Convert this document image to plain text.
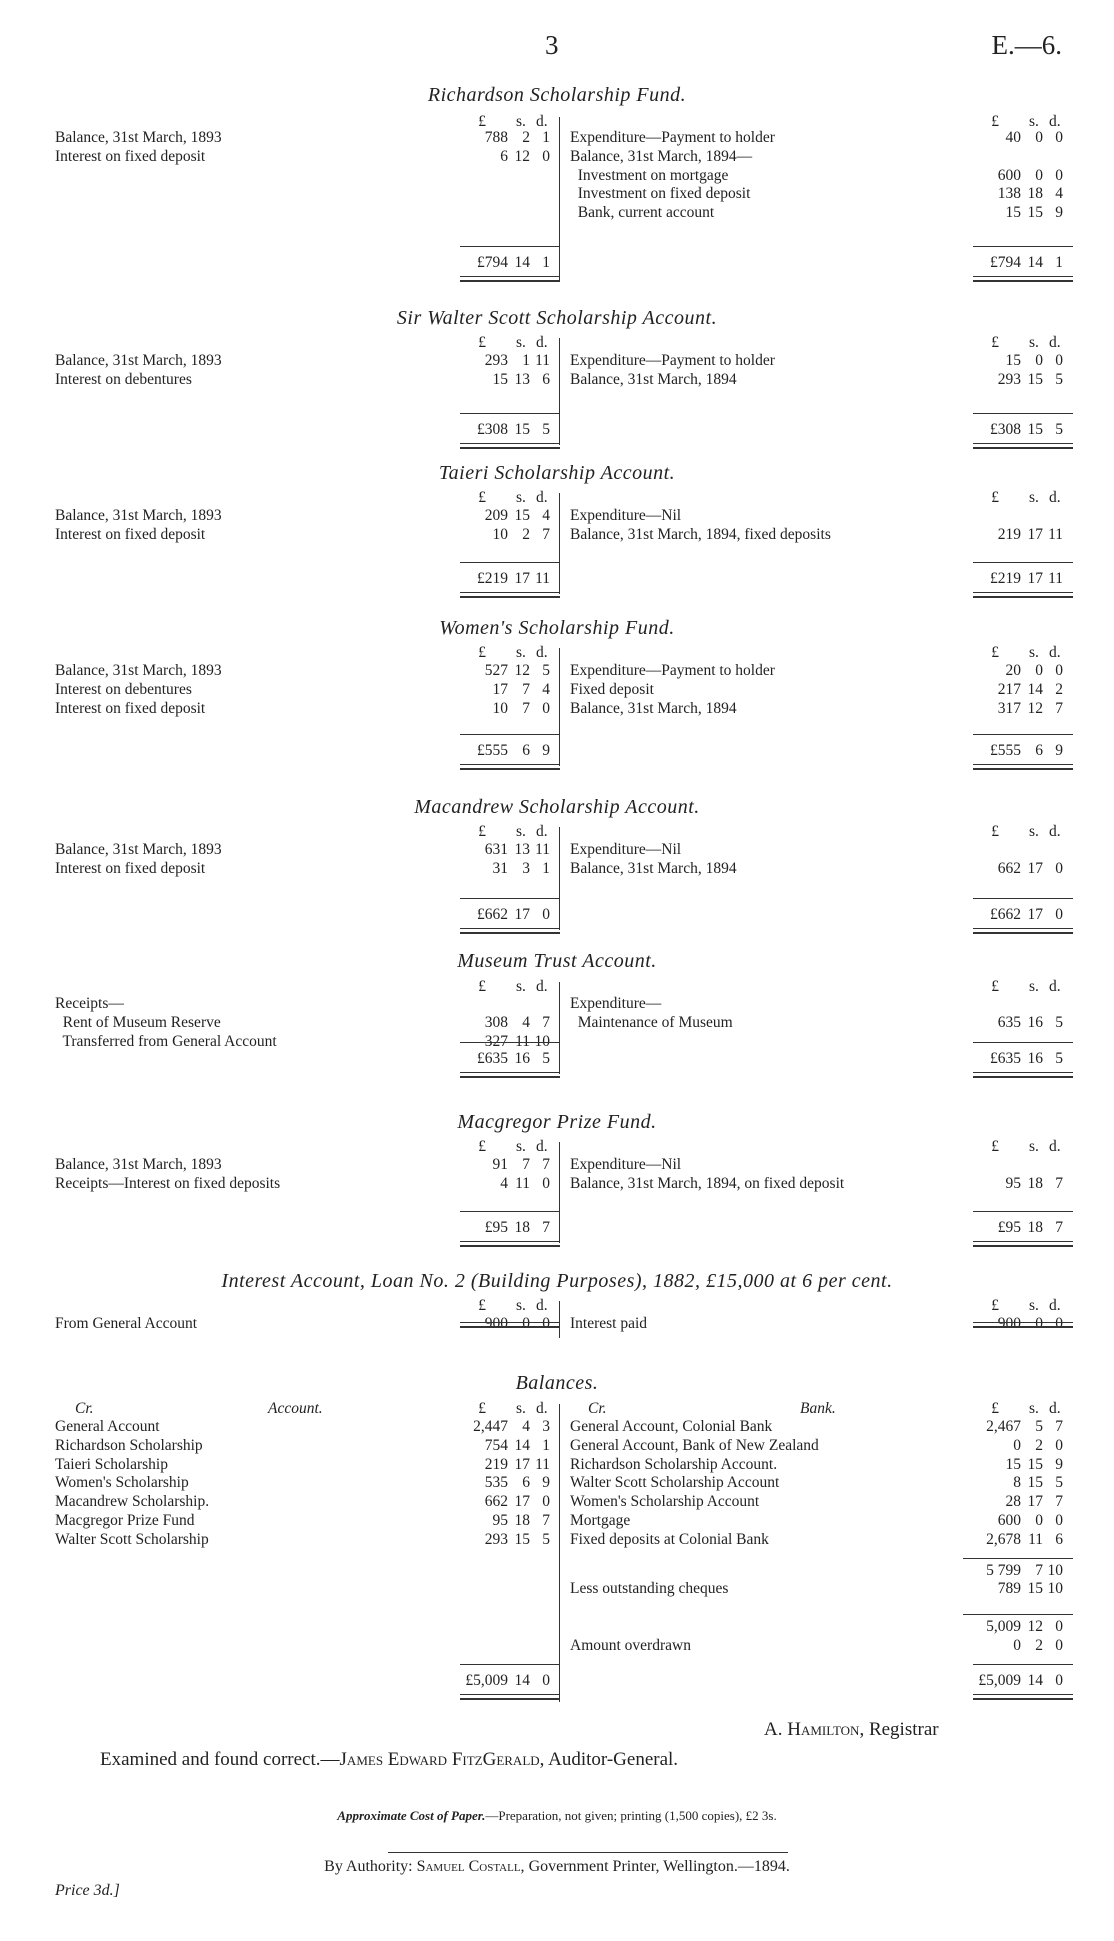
3	E.—6.
Richardson Scholarship Fund.
£ s. d.	£ s. d.
Balance, 31st March, 1893	788 2 1
Interest on fixed deposit	6 12 0
Expenditure—Payment to holder	40 0 0
Balance, 31st March, 1894—
Investment on mortgage	600 0 0
Investment on fixed deposit	138 18 4
Bank, current account	15 15 9
£794 14 1	£794 14 1
Sir Walter Scott Scholarship Account.
£ s. d.	£ s. d.
Balance, 31st March, 1893	293 1 11
Interest on debentures	15 13 6
Expenditure—Payment to holder	15 0 0
Balance, 31st March, 1894	293 15 5
£308 15 5	£308 15 5
Taieri Scholarship Account.
£ s. d.	£ s. d.
Balance, 31st March, 1893	209 15 4
Interest on fixed deposit	10 2 7
Expenditure—Nil
Balance, 31st March, 1894, fixed deposits	219 17 11
£219 17 11	£219 17 11
Women's Scholarship Fund.
£ s. d.	£ s. d.
Balance, 31st March, 1893	527 12 5
Interest on debentures	17 7 4
Interest on fixed deposit	10 7 0
Expenditure—Payment to holder	20 0 0
Fixed deposit	217 14 2
Balance, 31st March, 1894	317 12 7
£555 6 9	£555 6 9
Macandrew Scholarship Account.
£ s. d.	£ s. d.
Balance, 31st March, 1893	631 13 11
Interest on fixed deposit	31 3 1
Expenditure—Nil
Balance, 31st March, 1894	662 17 0
£662 17 0	£662 17 0
Museum Trust Account.
£ s. d.	£ s. d.
Receipts—
Rent of Museum Reserve	308 4 7
Transferred from General Account	327 11 10
Expenditure—
Maintenance of Museum	635 16 5
£635 16 5	£635 16 5
Macgregor Prize Fund.
£ s. d.	£ s. d.
Balance, 31st March, 1893	91 7 7
Receipts—Interest on fixed deposits	4 11 0
Expenditure—Nil
Balance, 31st March, 1894, on fixed deposit	95 18 7
£95 18 7	£95 18 7
Interest Account, Loan No. 2 (Building Purposes), 1882, £15,000 at 6 per cent.
£ s. d.	£ s. d.
From General Account	900 0 0 Interest paid	900 0 0
Balances.
£ s. d.	£ s. d.
Cr.	Account.	Cr.	Bank.
General Account	2,447 4 3
Richardson Scholarship	754 14 1
Taieri Scholarship	219 17 11
Women's Scholarship	535 6 9
Macandrew Scholarship.	662 17 0
Macgregor Prize Fund	95 18 7
Walter Scott Scholarship	293 15 5
General Account, Colonial Bank	2,467 5 7
General Account, Bank of New Zealand	0 2 0
Richardson Scholarship Account.	15 15 9
Walter Scott Scholarship Account	8 15 5
Women's Scholarship Account	28 17 7
Mortgage	600 0 0
Fixed deposits at Colonial Bank	2,678 11 6
5 799 7 10
Less outstanding cheques	789 15 10
5,009 12 0
Amount overdrawn	0 2 0
£5,009 14 0	£5,009 14 0
A. Hamilton, Registrar
Examined and found correct.—James Edward FitzGerald, Auditor-General.
Approximate Cost of Paper.—Preparation, not given; printing (1,500 copies), £2 3s.
By Authority: Samuel Costall, Government Printer, Wellington.—1894.
Price 3d.]
